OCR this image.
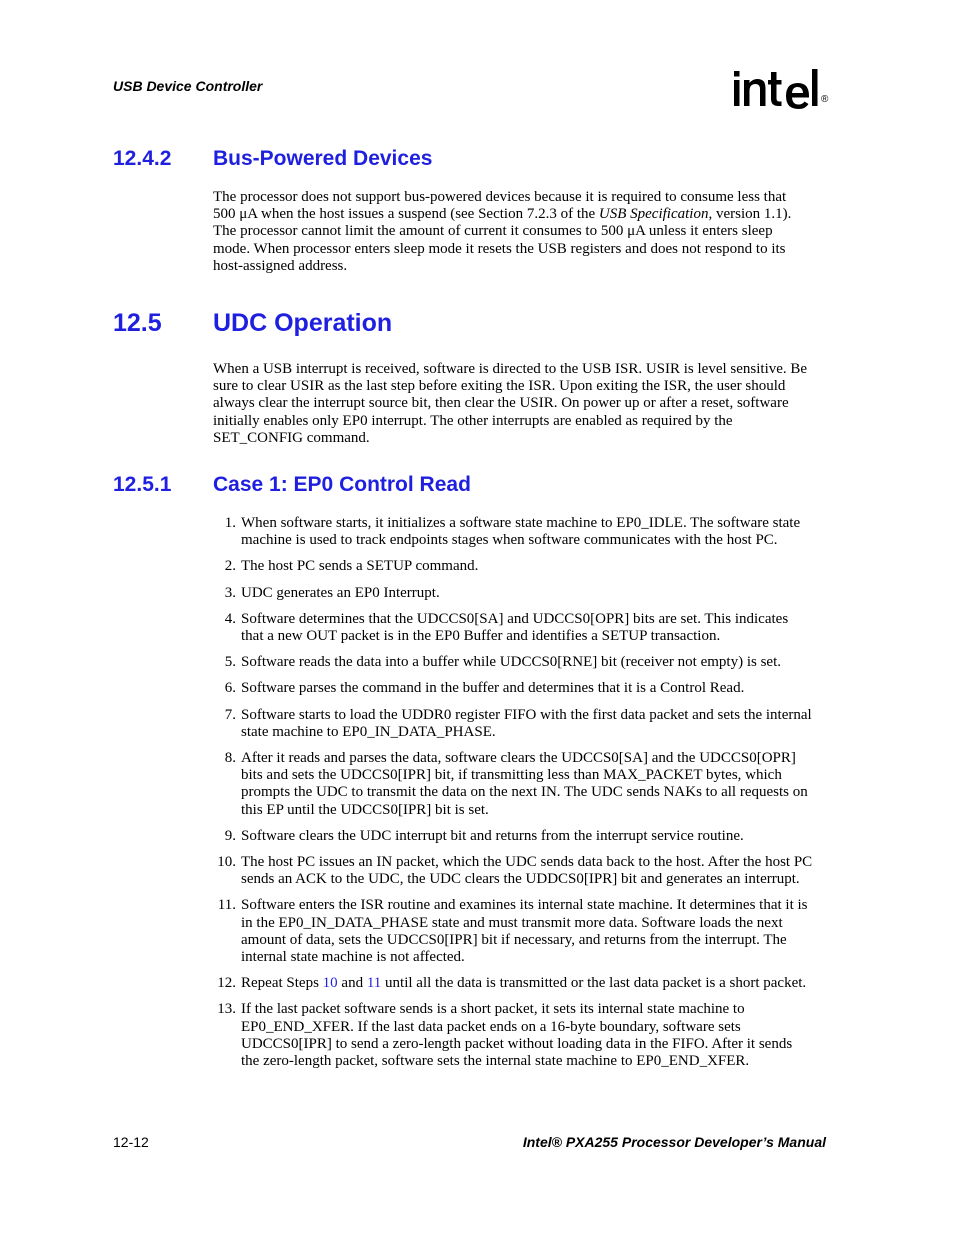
USB Device Controller
®
12.4.2 Bus-Powered Devices
The processor does not support bus-powered devices because it is required to consume less that
500 μA when the host issues a suspend (see Section 7.2.3 of the USB Specification, version 1.1).
The processor cannot limit the amount of current it consumes to 500 μA unless it enters sleep
mode. When processor enters sleep mode it resets the USB registers and does not respond to its
host-assigned address.
12.5 UDC Operation
When a USB interrupt is received, software is directed to the USB ISR. USIR is level sensitive. Be
sure to clear USIR as the last step before exiting the ISR. Upon exiting the ISR, the user should
always clear the interrupt source bit, then clear the USIR. On power up or after a reset, software
initially enables only EP0 interrupt. The other interrupts are enabled as required by the
SET_CONFIG command.
12.5.1 Case 1: EP0 Control Read
1. When software starts, it initializes a software state machine to EP0_IDLE. The software state
machine is used to track endpoints stages when software communicates with the host PC.
2. The host PC sends a SETUP command.
3. UDC generates an EP0 Interrupt.
4. Software determines that the UDCCS0[SA] and UDCCS0[OPR] bits are set. This indicates
that a new OUT packet is in the EP0 Buffer and identifies a SETUP transaction.
5. Software reads the data into a buffer while UDCCS0[RNE] bit (receiver not empty) is set.
6. Software parses the command in the buffer and determines that it is a Control Read.
7. Software starts to load the UDDR0 register FIFO with the first data packet and sets the internal
state machine to EP0_IN_DATA_PHASE.
8. After it reads and parses the data, software clears the UDCCS0[SA] and the UDCCS0[OPR]
bits and sets the UDCCS0[IPR] bit, if transmitting less than MAX_PACKET bytes, which
prompts the UDC to transmit the data on the next IN. The UDC sends NAKs to all requests on
this EP until the UDCCS0[IPR] bit is set.
9. Software clears the UDC interrupt bit and returns from the interrupt service routine.
10. The host PC issues an IN packet, which the UDC sends data back to the host. After the host PC
sends an ACK to the UDC, the UDC clears the UDDCS0[IPR] bit and generates an interrupt.
11. Software enters the ISR routine and examines its internal state machine. It determines that it is
in the EP0_IN_DATA_PHASE state and must transmit more data. Software loads the next
amount of data, sets the UDCCS0[IPR] bit if necessary, and returns from the interrupt. The
internal state machine is not affected.
12. Repeat Steps 10 and 11 until all the data is transmitted or the last data packet is a short packet.
13. If the last packet software sends is a short packet, it sets its internal state machine to
EP0_END_XFER. If the last data packet ends on a 16-byte boundary, software sets
UDCCS0[IPR] to send a zero-length packet without loading data in the FIFO. After it sends
the zero-length packet, software sets the internal state machine to EP0_END_XFER.
12-12	Intel® PXA255 Processor Developer’s Manual
